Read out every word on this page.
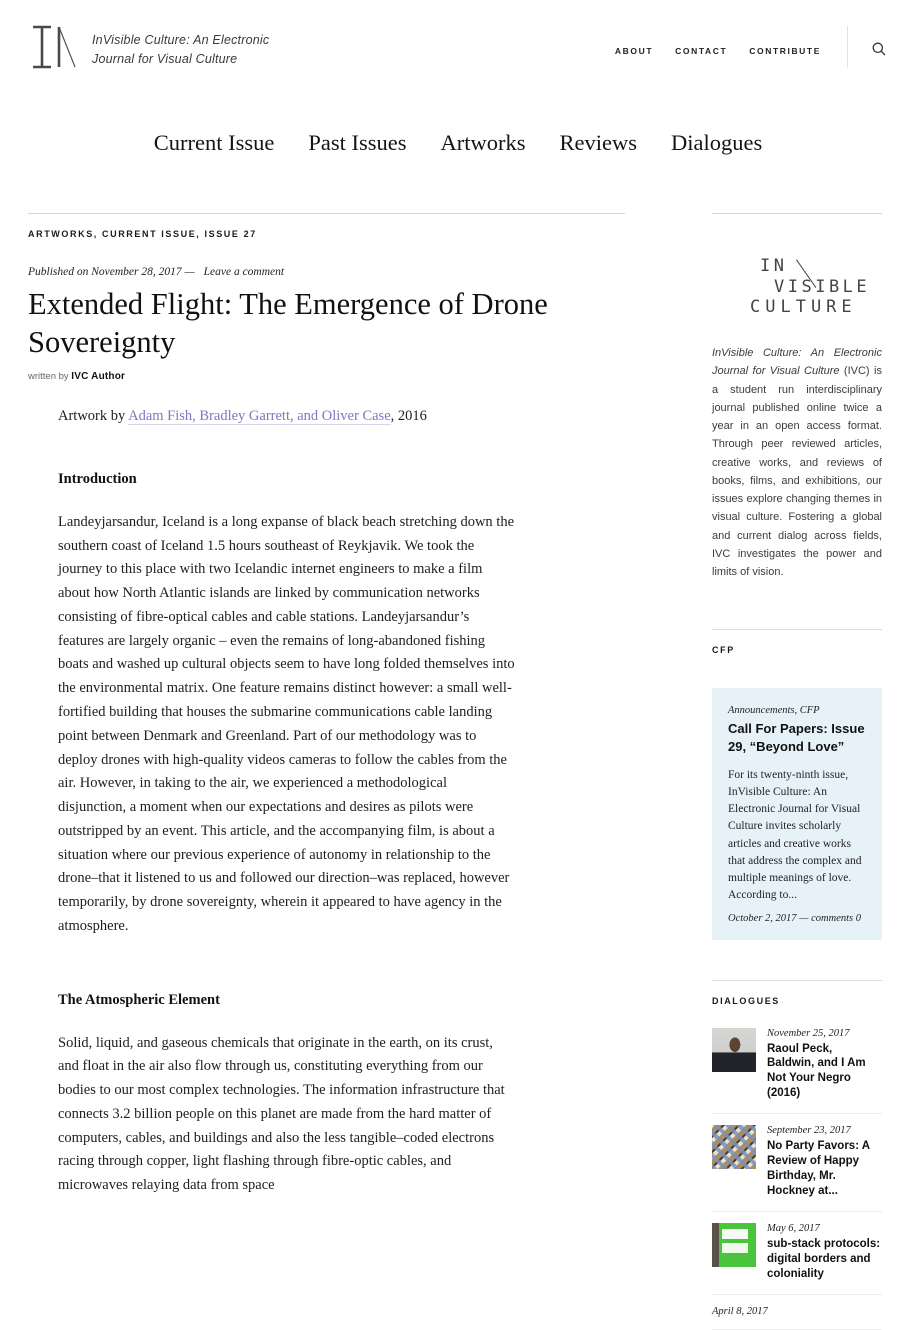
InVisible Culture: An Electronic
Journal for Visual Culture
ABOUT	CONTACT	CONTRIBUTE
Current Issue Past Issues Artworks Reviews Dialogues
ARTWORKS, CURRENT ISSUE, ISSUE 27
Published on November 28, 2017 — Leave a comment
Extended Flight: The Emergence of Drone Sovereignty
written by IVC Author
Artwork by Adam Fish, Bradley Garrett, and Oliver Case, 2016
Introduction

Landeyjarsandur, Iceland is a long expanse of black beach stretching down the southern coast of Iceland 1.5 hours southeast of Reykjavik. We took the journey to this place with two Icelandic internet engineers to make a film about how North Atlantic islands are linked by communication networks consisting of fibre-optical cables and cable stations. Landeyjarsandur’s features are largely organic – even the remains of long-abandoned fishing boats and washed up cultural objects seem to have long folded themselves into the environmental matrix. One feature remains distinct however: a small well-fortified building that houses the submarine communications cable landing point between Denmark and Greenland. Part of our methodology was to deploy drones with high-quality videos cameras to follow the cables from the air. However, in taking to the air, we experienced a methodological disjunction, a moment when our expectations and desires as pilots were outstripped by an event. This article, and the accompanying film, is about a situation where our previous experience of autonomy in relationship to the drone–that it listened to us and followed our direction–was replaced, however temporarily, by drone sovereignty, wherein it appeared to have agency in the atmosphere.

The Atmospheric Element

Solid, liquid, and gaseous chemicals that originate in the earth, on its crust, and float in the air also flow through us, constituting everything from our bodies to our most complex technologies. The information infrastructure that connects 3.2 billion people on this planet are made from the hard matter of computers, cables, and buildings and also the less tangible–coded electrons racing through copper, light flashing through fibre-optic cables, and microwaves relaying data from space

IN
VISIBLE
CULTURE
InVisible Culture: An Electronic Journal for Visual Culture (IVC) is a student run interdisciplinary journal published online twice a year in an open access format. Through peer reviewed articles, creative works, and reviews of books, films, and exhibitions, our issues explore changing themes in visual culture. Fostering a global and current dialog across fields, IVC investigates the power and limits of vision.
CFP
Announcements, CFP
Call For Papers: Issue 29, “Beyond Love”
For its twenty-ninth issue, InVisible Culture: An Electronic Journal for Visual Culture invites scholarly articles and creative works that address the complex and multiple meanings of love. According to...
October 2, 2017 — comments 0
DIALOGUES
November 25, 2017
Raoul Peck, Baldwin, and I Am Not Your Negro (2016)
September 23, 2017
No Party Favors: A Review of Happy Birthday, Mr. Hockney at...
May 6, 2017
sub-stack protocols: digital borders and coloniality
April 8, 2017
